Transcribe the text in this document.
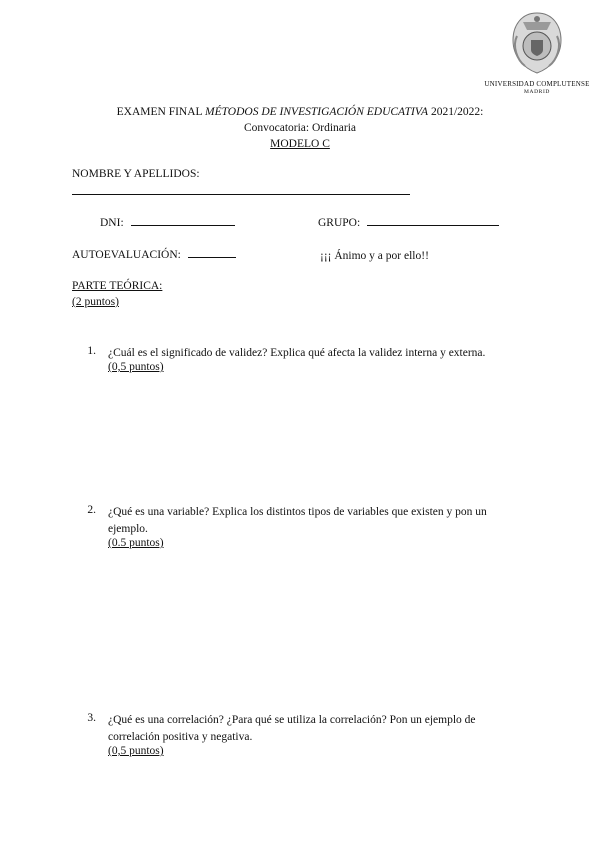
UNIVERSIDAD COMPLUTENSE
MADRID
EXAMEN FINAL MÉTODOS DE INVESTIGACIÓN EDUCATIVA 2021/2022:
Convocatoria: Ordinaria
MODELO C
NOMBRE Y APELLIDOS:
DNI:	GRUPO:
AUTOEVALUACIÓN:	¡¡¡ Ánimo y a por ello!!
PARTE TEÓRICA:
(2 puntos)
1. ¿Cuál es el significado de validez? Explica qué afecta la validez interna y externa.
(0,5 puntos)
2. ¿Qué es una variable? Explica los distintos tipos de variables que existen y pon un ejemplo.
(0.5 puntos)
3. ¿Qué es una correlación? ¿Para qué se utiliza la correlación? Pon un ejemplo de correlación positiva y negativa.
(0,5 puntos)
